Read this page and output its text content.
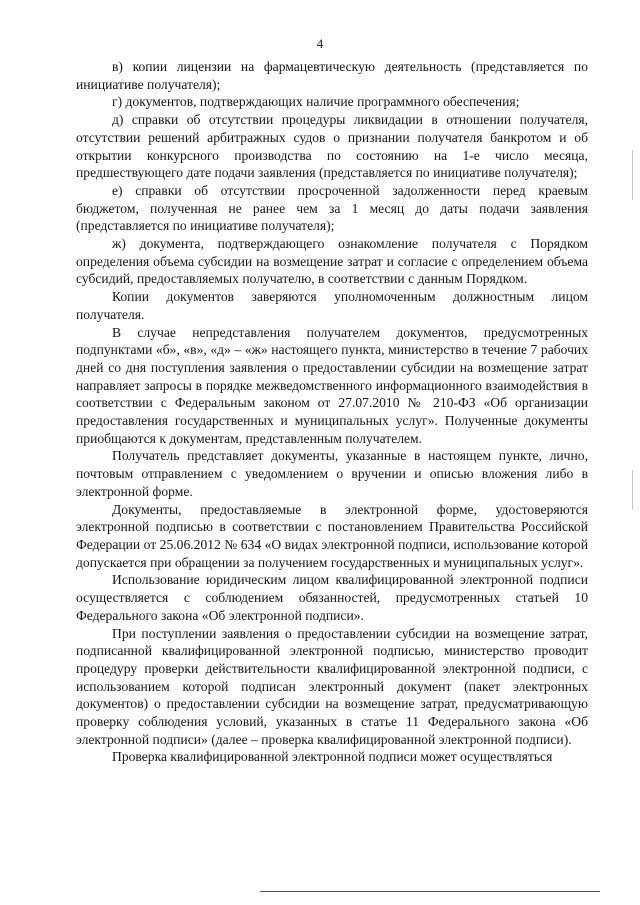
4

в) копии лицензии на фармацевтическую деятельность (представляется по инициативе получателя);

г) документов, подтверждающих наличие программного обеспечения;

д) справки об отсутствии процедуры ликвидации в отношении получателя, отсутствии решений арбитражных судов о признании получателя банкротом и об открытии конкурсного производства по состоянию на 1-е число месяца, предшествующего дате подачи заявления (представляется по инициативе получателя);

е) справки об отсутствии просроченной задолженности перед краевым бюджетом, полученная не ранее чем за 1 месяц до даты подачи заявления (представляется по инициативе получателя);

ж) документа, подтверждающего ознакомление получателя с Порядком определения объема субсидии на возмещение затрат и согласие с определением объема субсидий, предоставляемых получателю, в соответствии с данным Порядком.

Копии документов заверяются уполномоченным должностным лицом получателя.

В случае непредставления получателем документов, предусмотренных подпунктами «б», «в», «д» – «ж» настоящего пункта, министерство в течение 7 рабочих дней со дня поступления заявления о предоставлении субсидии на возмещение затрат направляет запросы в порядке межведомственного информационного взаимодействия в соответствии с Федеральным законом от 27.07.2010 № 210-ФЗ «Об организации предоставления государственных и муниципальных услуг». Полученные документы приобщаются к документам, представленным получателем.

Получатель представляет документы, указанные в настоящем пункте, лично, почтовым отправлением с уведомлением о вручении и описью вложения либо в электронной форме.

Документы, предоставляемые в электронной форме, удостоверяются электронной подписью в соответствии с постановлением Правительства Российской Федерации от 25.06.2012 № 634 «О видах электронной подписи, использование которой допускается при обращении за получением государственных и муниципальных услуг».

Использование юридическим лицом квалифицированной электронной подписи осуществляется с соблюдением обязанностей, предусмотренных статьей 10 Федерального закона «Об электронной подписи».

При поступлении заявления о предоставлении субсидии на возмещение затрат, подписанной квалифицированной электронной подписью, министерство проводит процедуру проверки действительности квалифицированной электронной подписи, с использованием которой подписан электронный документ (пакет электронных документов) о предоставлении субсидии на возмещение затрат, предусматривающую проверку соблюдения условий, указанных в статье 11 Федерального закона «Об электронной подписи» (далее – проверка квалифицированной электронной подписи).

Проверка квалифицированной электронной подписи может осуществляться
